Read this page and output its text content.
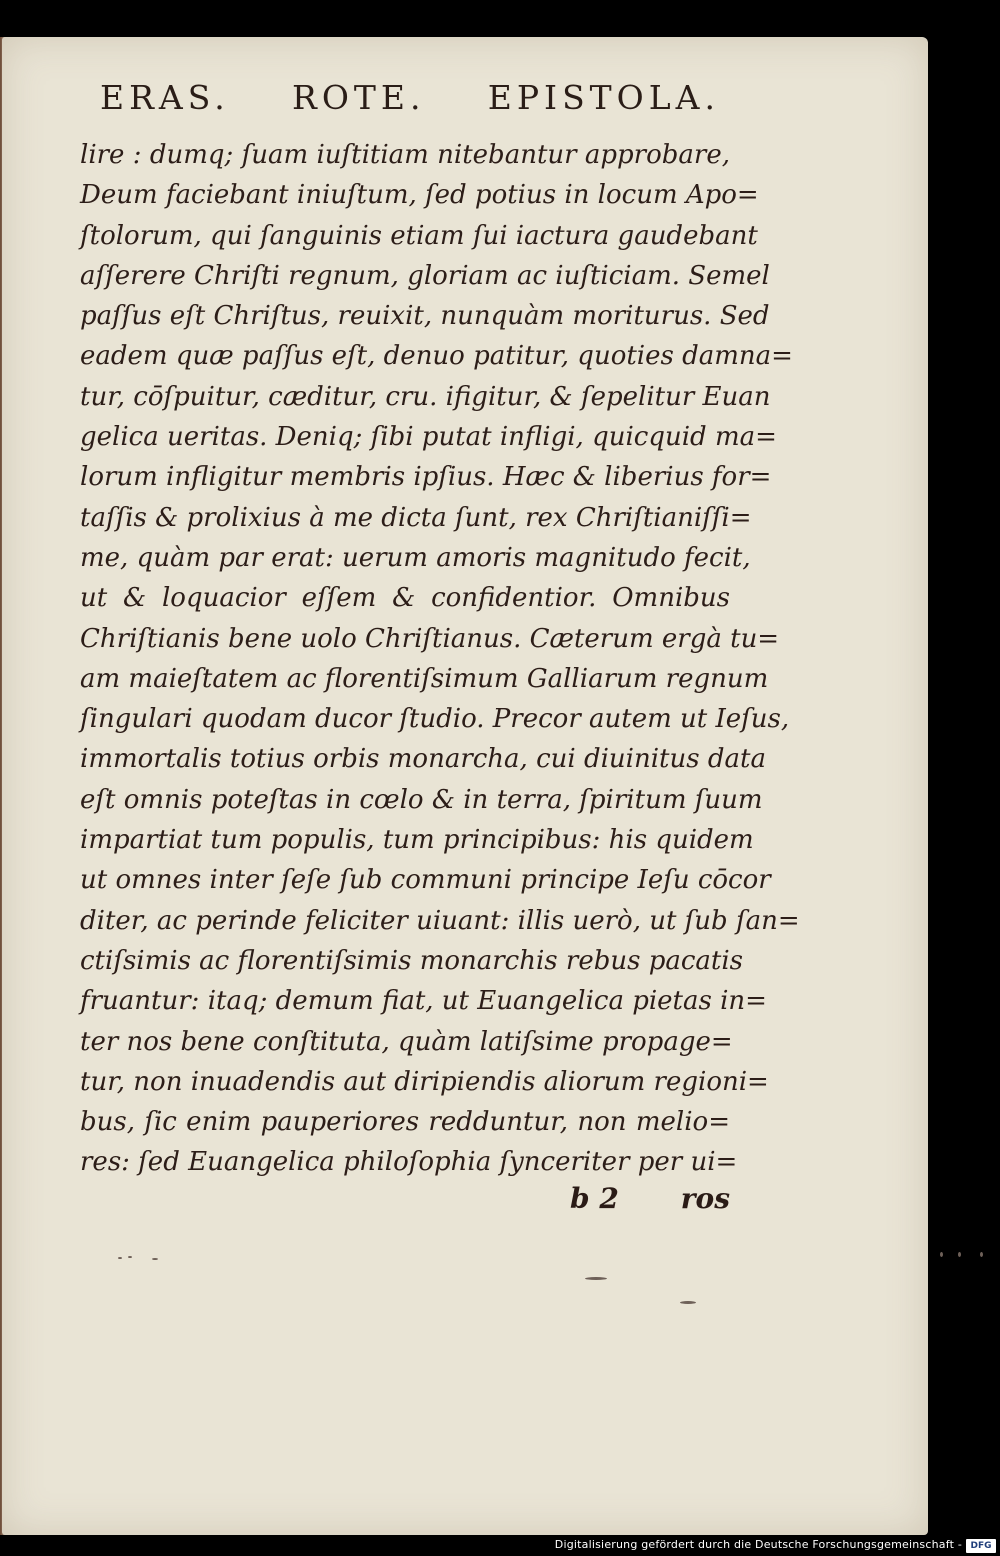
ERAS. ROTE. EPISTOLA.
lire : dumq; ſuam iuſtitiam nitebantur approbare,
Deum faciebant iniuſtum, ſed potius in locum Apo=
ſtolorum, qui ſanguinis etiam ſui iactura gaudebant
aſſerere Chriſti regnum, gloriam ac iuſticiam. Semel
paſſus eſt Chriſtus, reuixit, nunquàm moriturus. Sed
eadem quæ paſſus eſt, denuo patitur, quoties damna=
tur, cōſpuitur, cæditur, cru. ifigitur, & ſepelitur Euan
gelica ueritas. Deniq; ſibi putat infligi, quicquid ma=
lorum infligitur membris ipſius. Hæc & liberius for=
taſſis & prolixius à me dicta ſunt, rex Chriſtianiſſi=
me, quàm par erat: uerum amoris magnitudo fecit,
ut & loquacior eſſem & confidentior. Omnibus
Chriſtianis bene uolo Chriſtianus. Cæterum ergà tu=
am maieſtatem ac florentiſsimum Galliarum regnum
ſingulari quodam ducor ſtudio. Precor autem ut Ieſus,
immortalis totius orbis monarcha, cui diuinitus data
eſt omnis poteſtas in cœlo & in terra, ſpiritum ſuum
impartiat tum populis, tum principibus: his quidem
ut omnes inter ſeſe ſub communi principe Ieſu cōcor
diter, ac perinde feliciter uiuant: illis uerò, ut ſub ſan=
ctiſsimis ac florentiſsimis monarchis rebus pacatis
fruantur: itaq; demum fiat, ut Euangelica pietas in=
ter nos bene conſtituta, quàm latiſsime propage=
tur, non inuadendis aut diripiendis aliorum regioni=
bus, ſic enim pauperiores redduntur, non melio=
res: ſed Euangelica philoſophia ſynceriter per ui=
b 2 ros
Digitalisierung gefördert durch die Deutsche Forschungsgemeinschaft - DFG
